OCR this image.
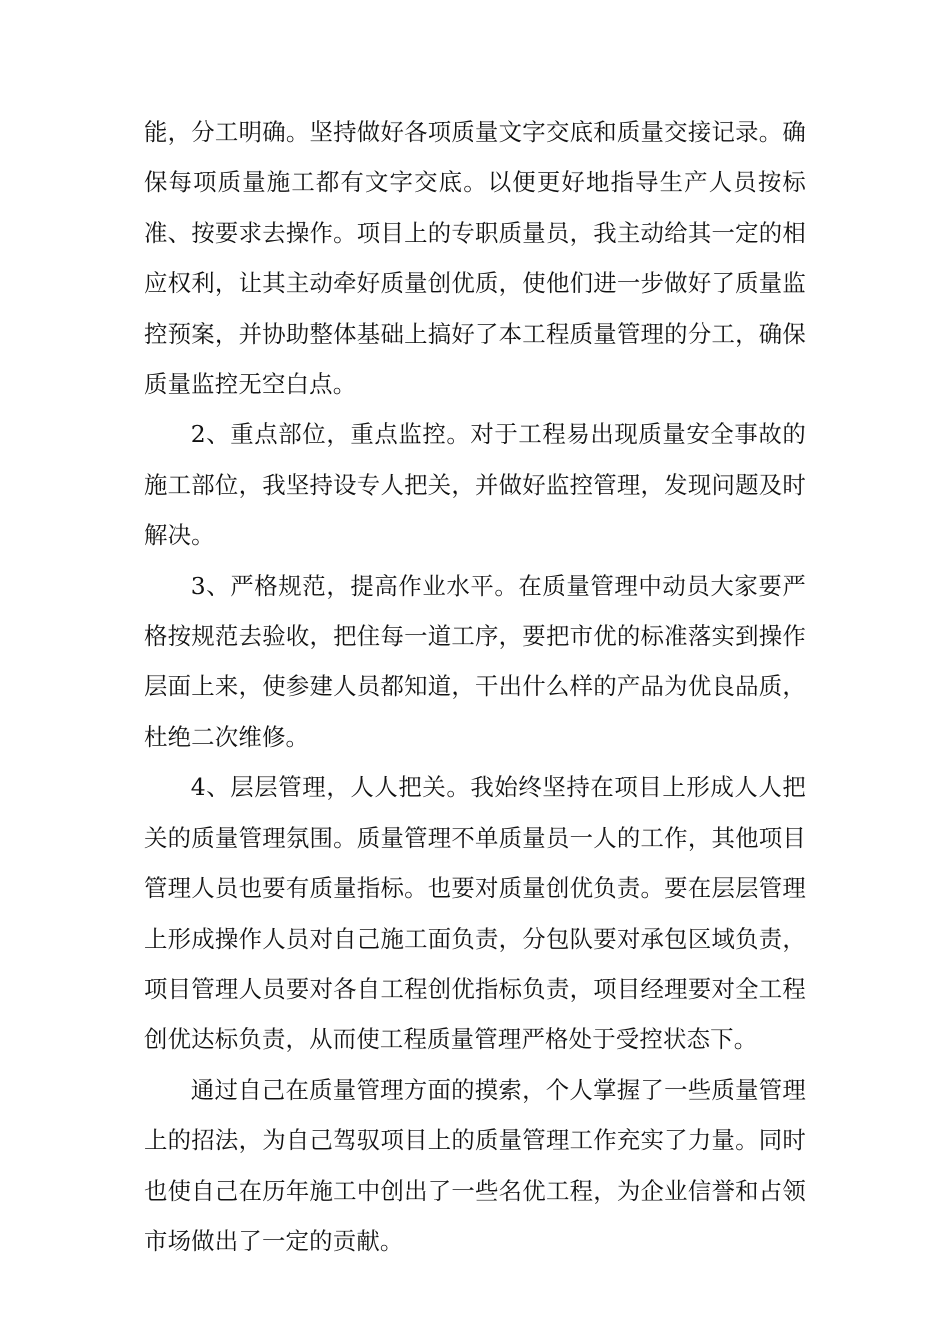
能，分工明确。坚持做好各项质量文字交底和质量交接记录。确保每项质量施工都有文字交底。以便更好地指导生产人员按标准、按要求去操作。项目上的专职质量员，我主动给其一定的相应权利，让其主动牵好质量创优质，使他们进一步做好了质量监控预案，并协助整体基础上搞好了本工程质量管理的分工，确保质量监控无空白点。

2、重点部位，重点监控。对于工程易出现质量安全事故的施工部位，我坚持设专人把关，并做好监控管理，发现问题及时解决。

3、严格规范，提高作业水平。在质量管理中动员大家要严格按规范去验收，把住每一道工序，要把市优的标准落实到操作层面上来，使参建人员都知道，干出什么样的产品为优良品质，杜绝二次维修。

4、层层管理，人人把关。我始终坚持在项目上形成人人把关的质量管理氛围。质量管理不单质量员一人的工作，其他项目管理人员也要有质量指标。也要对质量创优负责。要在层层管理上形成操作人员对自己施工面负责，分包队要对承包区域负责，项目管理人员要对各自工程创优指标负责，项目经理要对全工程创优达标负责，从而使工程质量管理严格处于受控状态下。

通过自己在质量管理方面的摸索，个人掌握了一些质量管理上的招法，为自己驾驭项目上的质量管理工作充实了力量。同时也使自己在历年施工中创出了一些名优工程，为企业信誉和占领市场做出了一定的贡献。
